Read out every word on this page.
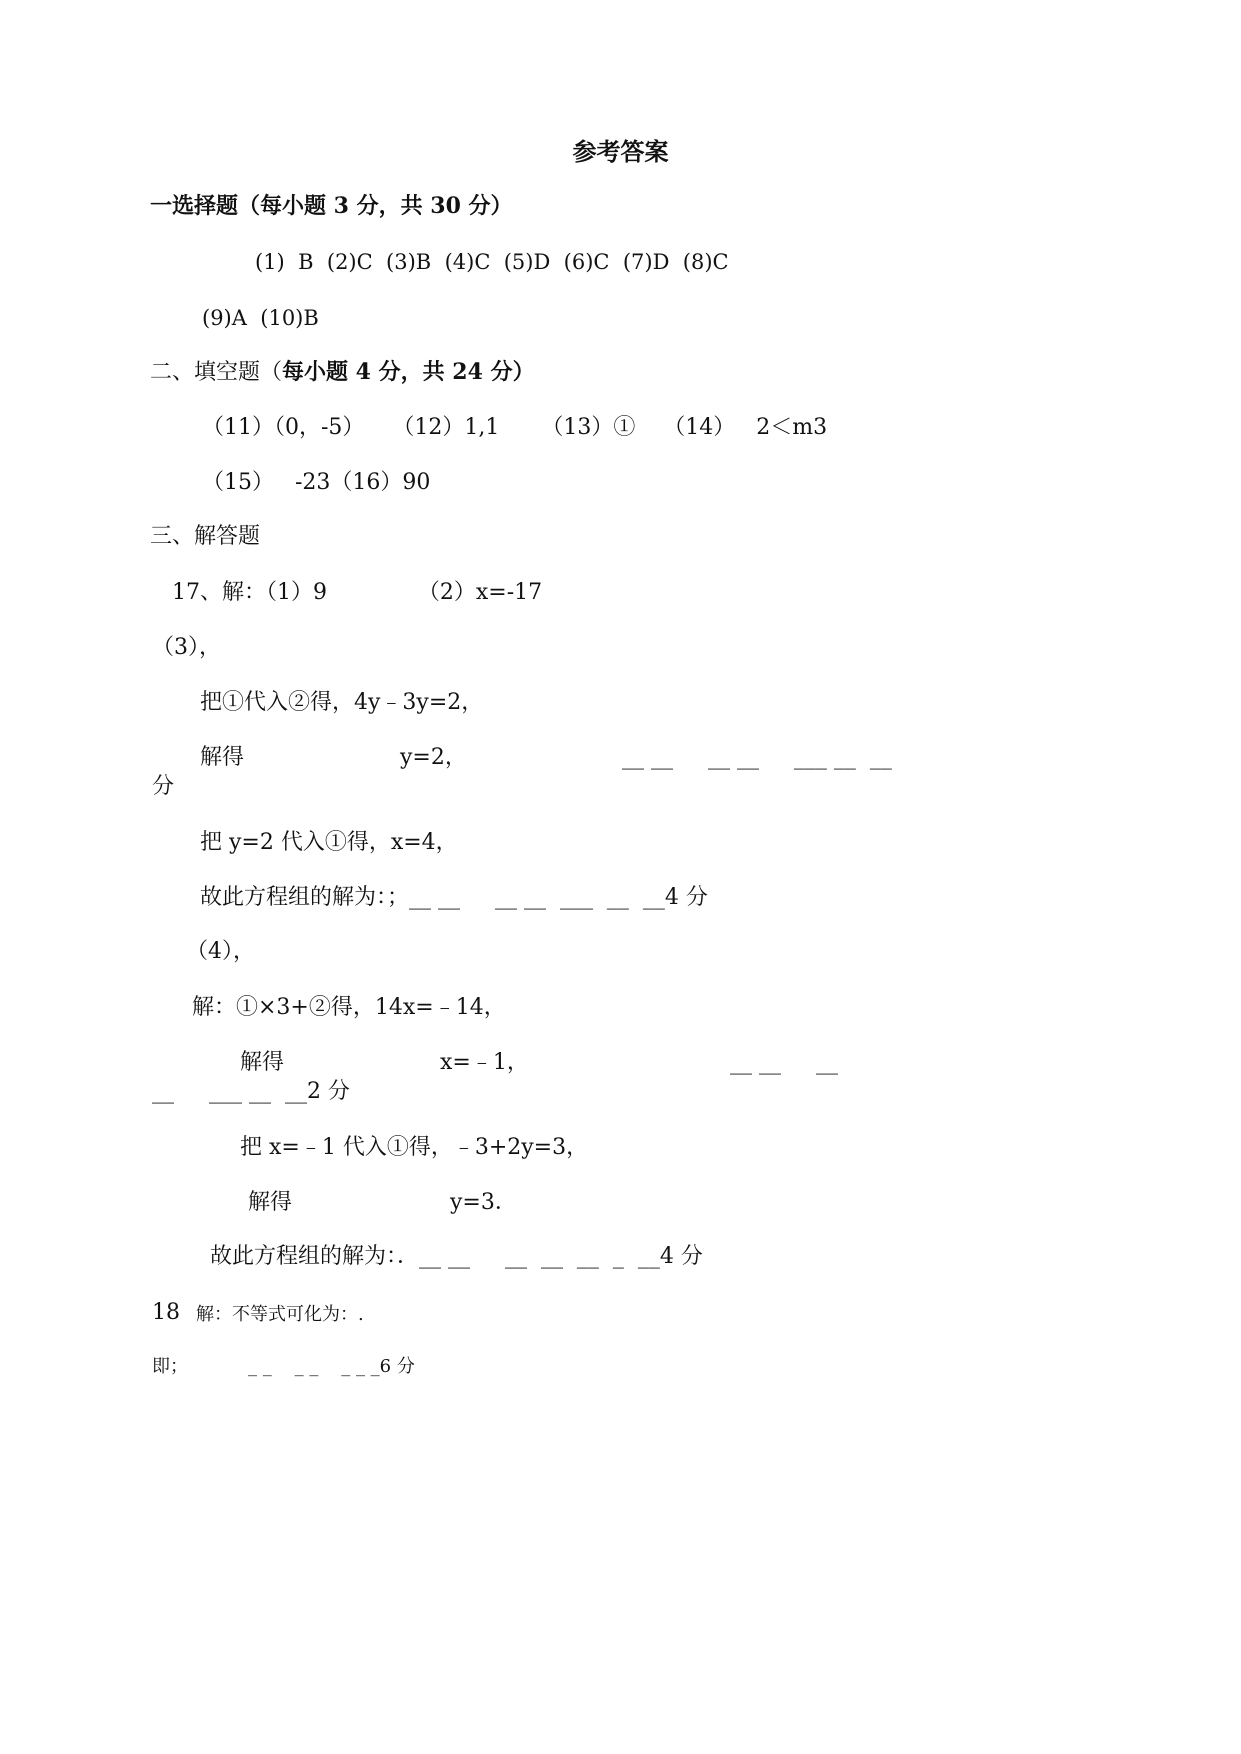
参考答案
一选择题（每小题 3 分，共 30 分）
(1)  B  (2)C  (3)B  (4)C  (5)D  (6)C  (7)D  (8)C
(9)A  (10)B
二、填空题（每小题 4 分，共 24 分）
（11）（0，-5）    （12）1,1      （13）①    （14）   2＜m3
（15）   -23（16）90
三、解答题
17、解：（1）9             （2）x=-17
（3），
把①代入②得，4y﹣3y=2，
解得	y=2，	__ __     __ __     ___ __  __
分
把 y=2 代入①得，x=4，
故此方程组的解为：；__ __     __ __  ___  __  __4 分
（4），
解：①×3+②得，14x=﹣14，
解得	x=﹣1，	__ __     __
__     ___ __  __2 分
把 x=﹣1 代入①得，﹣3+2y=3，
解得	y=3．
故此方程组的解为：．__ __     __  __  __  _  __4 分
18 解：不等式可化为：.
即；	_ _    _ _    _ _ _6 分
